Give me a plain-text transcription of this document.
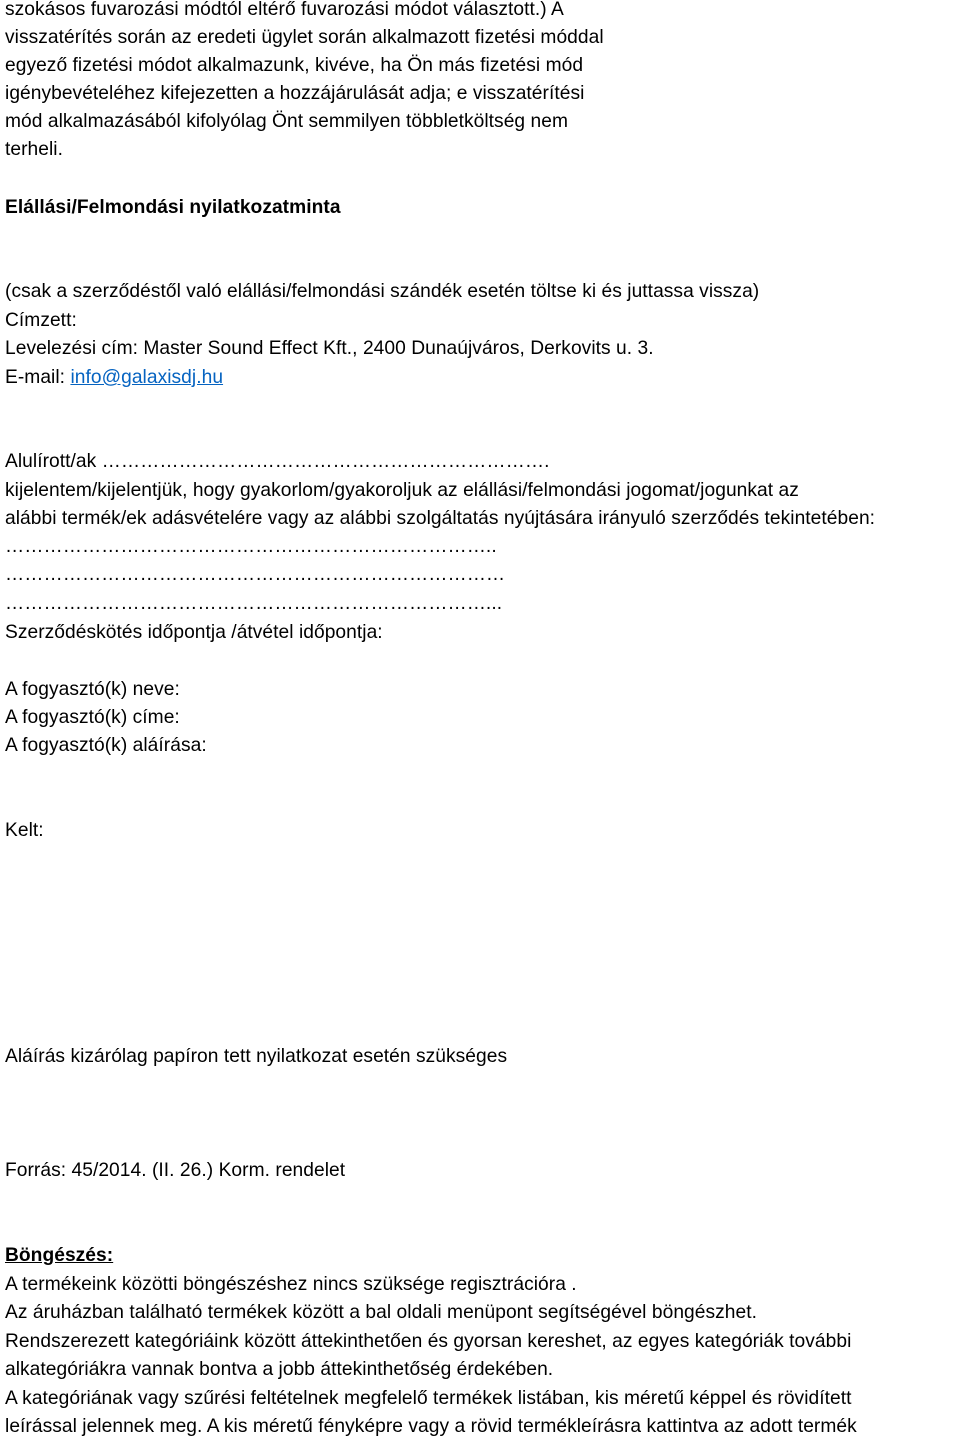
szokásos fuvarozási módtól eltérő fuvarozási módot választott.) A
visszatérítés során az eredeti ügylet során alkalmazott fizetési móddal
egyező fizetési módot alkalmazunk, kivéve, ha Ön más fizetési mód
igénybevételéhez kifejezetten a hozzájárulását adja; e visszatérítési
mód alkalmazásából kifolyólag Önt semmilyen többletköltség nem
terheli.
Elállási/Felmondási nyilatkozatminta
(csak a szerződéstől való elállási/felmondási szándék esetén töltse ki és juttassa vissza)
Címzett:
Levelezési cím: Master Sound Effect Kft., 2400 Dunaújváros, Derkovits u. 3.
E-mail: info@galaxisdj.hu
Alulírott/ak …………………………………………………………….
kijelentem/kijelentjük, hogy gyakorlom/gyakoroljuk az elállási/felmondási jogomat/jogunkat az
alábbi termék/ek adásvételére vagy az alábbi szolgáltatás nyújtására irányuló szerződés tekintetében:
…………………………………………………………………..
……………………………………………………………………
…………………………………………………………………...
Szerződéskötés időpontja /átvétel időpontja:
A fogyasztó(k) neve:
A fogyasztó(k) címe:
A fogyasztó(k) aláírása:
Kelt:
Aláírás kizárólag papíron tett nyilatkozat esetén szükséges
Forrás: 45/2014. (II. 26.) Korm. rendelet
Böngészés:
A termékeink közötti böngészéshez nincs szüksége regisztrációra .
Az áruházban található termékek között a bal oldali menüpont segítségével böngészhet.
Rendszerezett kategóriáink között áttekinthetően és gyorsan kereshet, az egyes kategóriák további
alkategóriákra vannak bontva a jobb áttekinthetőség érdekében.
A kategóriának vagy szűrési feltételnek megfelelő termékek listában, kis méretű képpel és rövidített
leírással jelennek meg. A kis méretű fényképre vagy a rövid termékleírásra kattintva az adott termék
